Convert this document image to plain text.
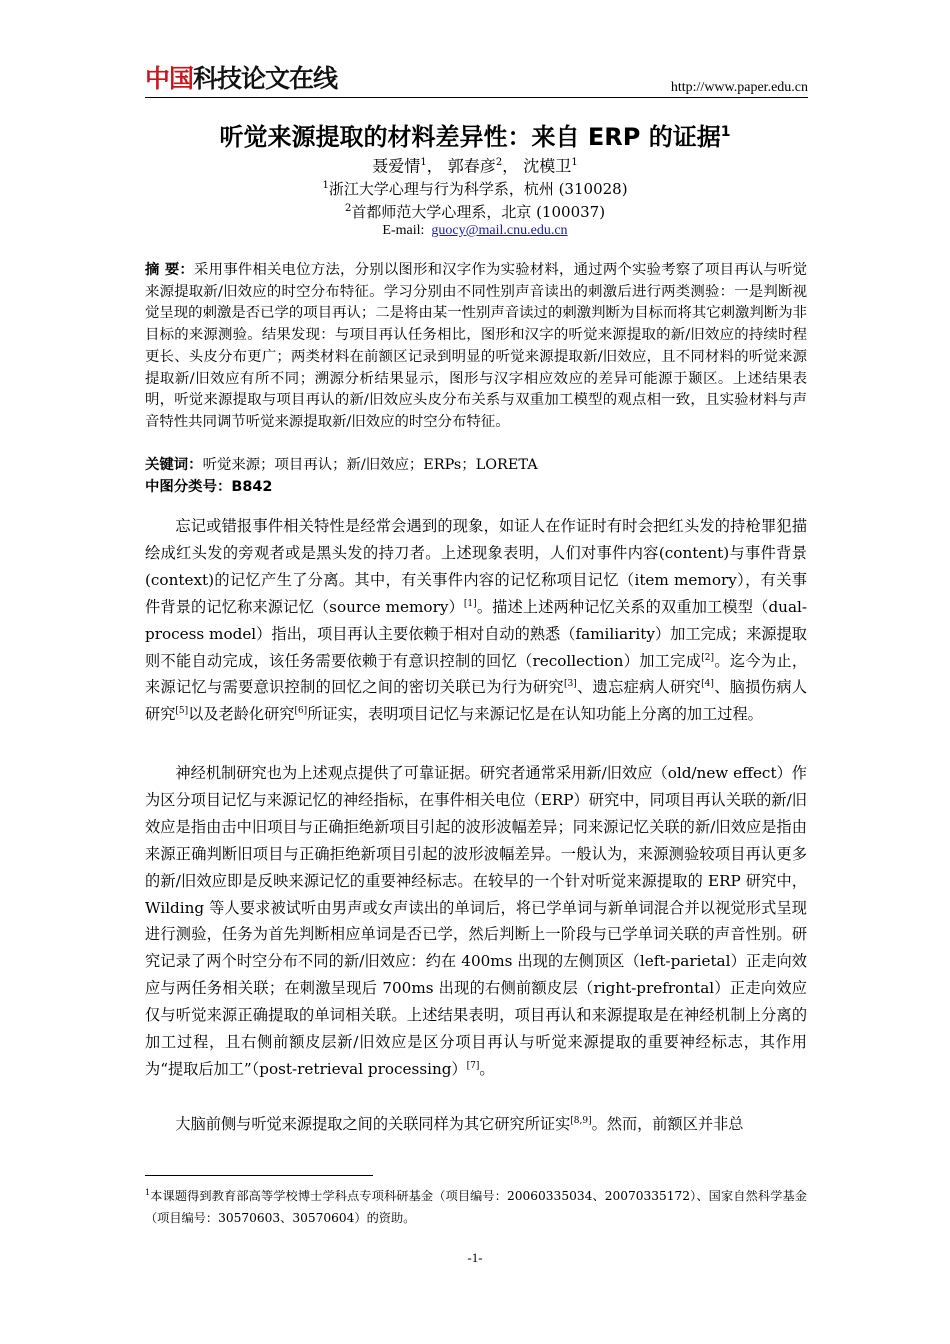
中国科技论文在线	http://www.paper.edu.cn
听觉来源提取的材料差异性：来自 ERP 的证据$^1$
聂爱情$^1$， 郭春彦$^2$， 沈模卫$^1$
$^1$浙江大学心理与行为科学系，杭州 (310028)
$^2$首都师范大学心理系，北京 (100037)
E-mail: guocy@mail.cnu.edu.cn
摘 要：采用事件相关电位方法，分别以图形和汉字作为实验材料，通过两个实验考察了项目再认与听觉来源提取新/旧效应的时空分布特征。学习分别由不同性别声音读出的刺激后进行两类测验：一是判断视觉呈现的刺激是否已学的项目再认；二是将由某一性别声音读过的刺激判断为目标而将其它刺激判断为非目标的来源测验。结果发现：与项目再认任务相比，图形和汉字的听觉来源提取的新/旧效应的持续时程更长、头皮分布更广；两类材料在前额区记录到明显的听觉来源提取新/旧效应，且不同材料的听觉来源提取新/旧效应有所不同；溯源分析结果显示，图形与汉字相应效应的差异可能源于颞区。上述结果表明，听觉来源提取与项目再认的新/旧效应头皮分布关系与双重加工模型的观点相一致，且实验材料与声音特性共同调节听觉来源提取新/旧效应的时空分布特征。
关键词：听觉来源；项目再认；新/旧效应；ERPs；LORETA
中图分类号：B842
忘记或错报事件相关特性是经常会遇到的现象，如证人在作证时有时会把红头发的持枪罪犯描绘成红头发的旁观者或是黑头发的持刀者。上述现象表明，人们对事件内容(content)与事件背景(context)的记忆产生了分离。其中，有关事件内容的记忆称项目记忆（item memory），有关事件背景的记忆称来源记忆（source memory）[1]。描述上述两种记忆关系的双重加工模型（dual-process model）指出，项目再认主要依赖于相对自动的熟悉（familiarity）加工完成；来源提取则不能自动完成，该任务需要依赖于有意识控制的回忆（recollection）加工完成[2]。迄今为止，来源记忆与需要意识控制的回忆之间的密切关联已为行为研究[3]、遗忘症病人研究[4]、脑损伤病人研究[5]以及老龄化研究[6]所证实，表明项目记忆与来源记忆是在认知功能上分离的加工过程。
神经机制研究也为上述观点提供了可靠证据。研究者通常采用新/旧效应（old/new effect）作为区分项目记忆与来源记忆的神经指标，在事件相关电位（ERP）研究中，同项目再认关联的新/旧效应是指由击中旧项目与正确拒绝新项目引起的波形波幅差异；同来源记忆关联的新/旧效应是指由来源正确判断旧项目与正确拒绝新项目引起的波形波幅差异。一般认为，来源测验较项目再认更多的新/旧效应即是反映来源记忆的重要神经标志。在较早的一个针对听觉来源提取的 ERP 研究中，Wilding 等人要求被试听由男声或女声读出的单词后，将已学单词与新单词混合并以视觉形式呈现进行测验，任务为首先判断相应单词是否已学，然后判断上一阶段与已学单词关联的声音性别。研究记录了两个时空分布不同的新/旧效应：约在 400ms 出现的左侧顶区（left-parietal）正走向效应与两任务相关联；在刺激呈现后 700ms 出现的右侧前额皮层（right-prefrontal）正走向效应仅与听觉来源正确提取的单词相关联。上述结果表明，项目再认和来源提取是在神经机制上分离的加工过程，且右侧前额皮层新/旧效应是区分项目再认与听觉来源提取的重要神经标志，其作用为“提取后加工”（post-retrieval processing）[7]。
大脑前侧与听觉来源提取之间的关联同样为其它研究所证实[8,9]。然而，前额区并非总
$^1$本课题得到教育部高等学校博士学科点专项科研基金（项目编号：20060335034、20070335172）、国家自然科学基金（项目编号：30570603、30570604）的资助。
-1-
